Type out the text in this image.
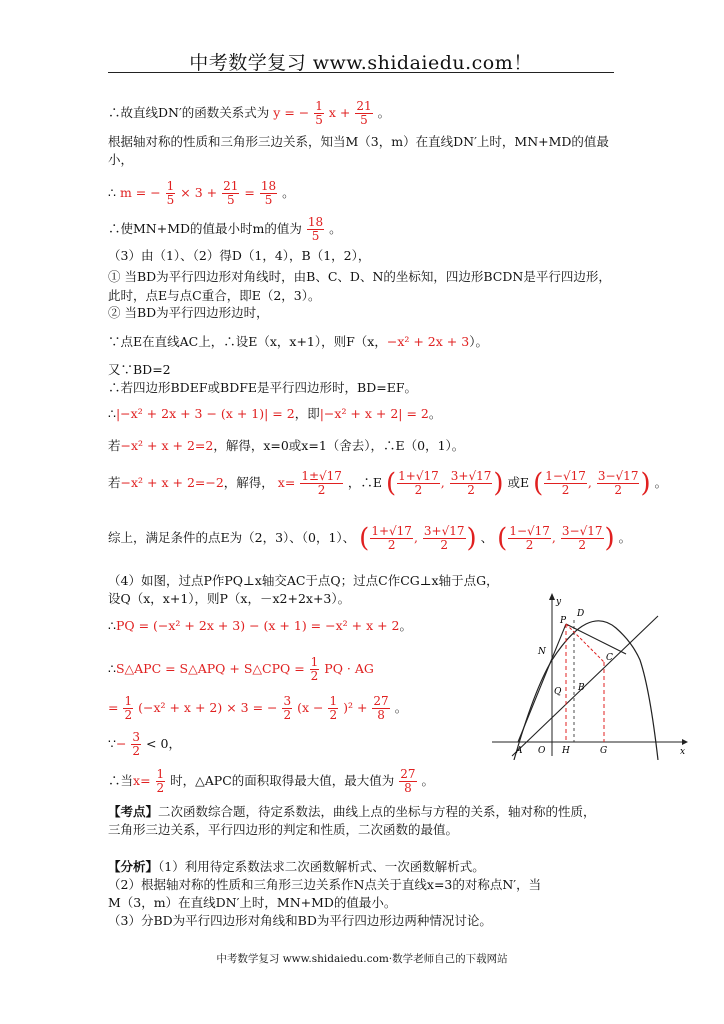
中考数学复习 www.shidaiedu.com！
∴故直线DN′的函数关系式为 y = − $\frac{1}{5}$ $x + \frac{21}{5}$ 。
根据轴对称的性质和三角形三边关系，知当M（3，m）在直线DN′上时，MN+MD的值最
小，
∴ m = − $\frac{1}{5} \times 3 + \frac{21}{5} = \frac{18}{5}$ 。
∴使MN+MD的值最小时m的值为 $\frac{18}{5}$ 。
（3）由（1）、（2）得D（1，4），B（1，2），
① 当BD为平行四边形对角线时，由B、C、D、N的坐标知，四边形BCDN是平行四边形，
此时，点E与点C重合，即E（2，3）。
② 当BD为平行四边形边时，
∵点E在直线AC上，∴设E（x，x+1），则F（x，−x² + 2x + 3）。
又∵BD=2
∴若四边形BDEF或BDFE是平行四边形时，BD=EF。
∴|−x² + 2x + 3 − (x + 1)| = 2，即|−x² + x + 2| = 2。
若−x² + x + 2=2，解得，x=0或x=1（舍去），∴E（0，1）。
若−x² + x + 2=−2，解得， $x= \frac{1\pm√17}{2}$ ，∴E ( $\frac{1+√17}{2}$ , $\frac{3+√17}{2}$ ) 或E ( $\frac{1-√17}{2}$ , $\frac{3-√17}{2}$ ) 。
综上，满足条件的点E为（2，3）、（0，1）、 ( $\frac{1+√17}{2}$ , $\frac{3+√17}{2}$ ) 、 ( $\frac{1-√17}{2}$ , $\frac{3-√17}{2}$ ) 。
（4）如图，过点P作PQ⊥x轴交AC于点Q；过点C作CG⊥x轴于点G，
设Q（x，x+1），则P（x，－x2+2x+3）。
∴PQ = (−x² + 2x + 3) − (x + 1) = −x² + x + 2。
∴S△APC = S△APQ + S△CPQ = $\frac{1}{2}$ PQ · AG
= $\frac{1}{2} (-x^2 + x + 2) \times 3$ = − $\frac{3}{2} (x - \frac{1}{2} )^2 + \frac{27}{8}$ 。
∵− $\frac{3}{2} < 0$，
∴当$x= \frac{1}{2}$ 时，△APC的面积取得最大值，最大值为 $\frac{27}{8}$ 。
【考点】二次函数综合题，待定系数法，曲线上点的坐标与方程的关系，轴对称的性质，
三角形三边关系，平行四边形的判定和性质，二次函数的最值。
【分析】（1）利用待定系数法求二次函数解析式、一次函数解析式。
（2）根据轴对称的性质和三角形三边关系作N点关于直线x=3的对称点N′，当
M（3，m）在直线DN′上时，MN+MD的值最小。
（3）分BD为平行四边形对角线和BD为平行四边形边两种情况讨论。
y
x
P
D
N
C
Q B
A O H	G
中考数学复习 www.shidaiedu.com·数学老师自己的下载网站
